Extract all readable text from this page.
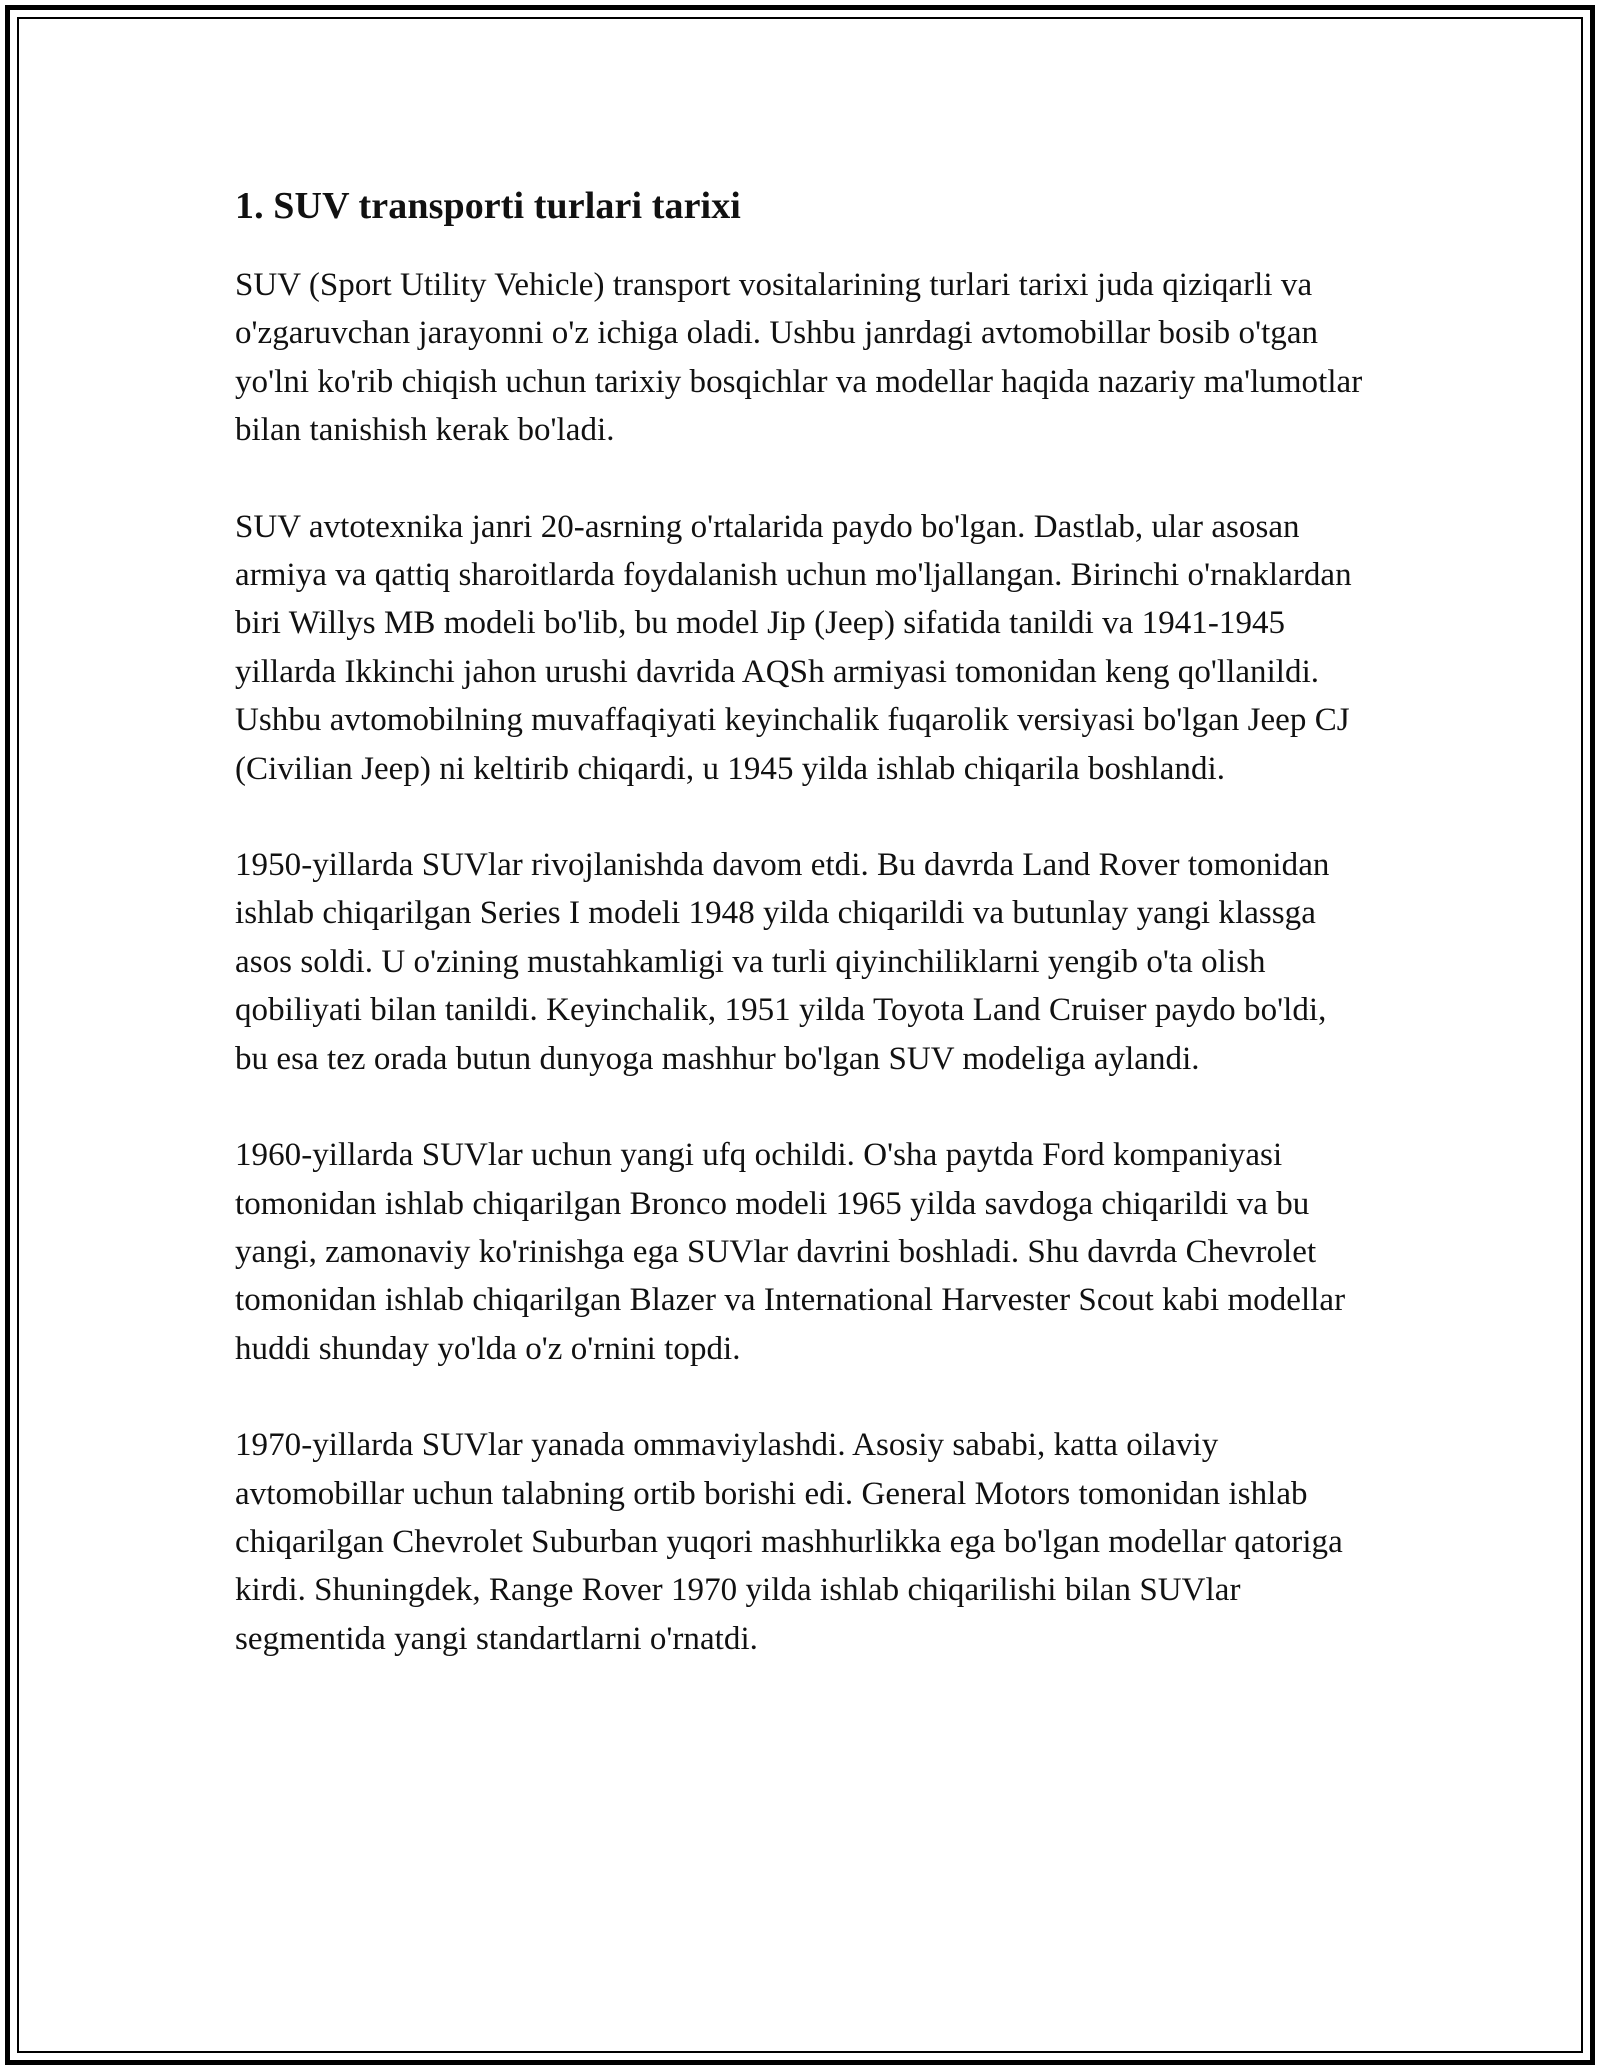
1. SUV transporti turlari tarixi

SUV (Sport Utility Vehicle) transport vositalarining turlari tarixi juda qiziqarli va o'zgaruvchan jarayonni o'z ichiga oladi. Ushbu janrdagi avtomobillar bosib o'tgan yo'lni ko'rib chiqish uchun tarixiy bosqichlar va modellar haqida nazariy ma'lumotlar bilan tanishish kerak bo'ladi.

SUV avtotexnika janri 20-asrning o'rtalarida paydo bo'lgan. Dastlab, ular asosan armiya va qattiq sharoitlarda foydalanish uchun mo'ljallangan. Birinchi o'rnaklardan biri Willys MB modeli bo'lib, bu model Jip (Jeep) sifatida tanildi va 1941-1945 yillarda Ikkinchi jahon urushi davrida AQSh armiyasi tomonidan keng qo'llanildi. Ushbu avtomobilning muvaffaqiyati keyinchalik fuqarolik versiyasi bo'lgan Jeep CJ (Civilian Jeep) ni keltirib chiqardi, u 1945 yilda ishlab chiqarila boshlandi.

1950-yillarda SUVlar rivojlanishda davom etdi. Bu davrda Land Rover tomonidan ishlab chiqarilgan Series I modeli 1948 yilda chiqarildi va butunlay yangi klassga asos soldi. U o'zining mustahkamligi va turli qiyinchiliklarni yengib o'ta olish qobiliyati bilan tanildi. Keyinchalik, 1951 yilda Toyota Land Cruiser paydo bo'ldi, bu esa tez orada butun dunyoga mashhur bo'lgan SUV modeliga aylandi.

1960-yillarda SUVlar uchun yangi ufq ochildi. O'sha paytda Ford kompaniyasi tomonidan ishlab chiqarilgan Bronco modeli 1965 yilda savdoga chiqarildi va bu yangi, zamonaviy ko'rinishga ega SUVlar davrini boshladi. Shu davrda Chevrolet tomonidan ishlab chiqarilgan Blazer va International Harvester Scout kabi modellar huddi shunday yo'lda o'z o'rnini topdi.

1970-yillarda SUVlar yanada ommaviylashdi. Asosiy sababi, katta oilaviy avtomobillar uchun talabning ortib borishi edi. General Motors tomonidan ishlab chiqarilgan Chevrolet Suburban yuqori mashhurlikka ega bo'lgan modellar qatoriga kirdi. Shuningdek, Range Rover 1970 yilda ishlab chiqarilishi bilan SUVlar segmentida yangi standartlarni o'rnatdi.
